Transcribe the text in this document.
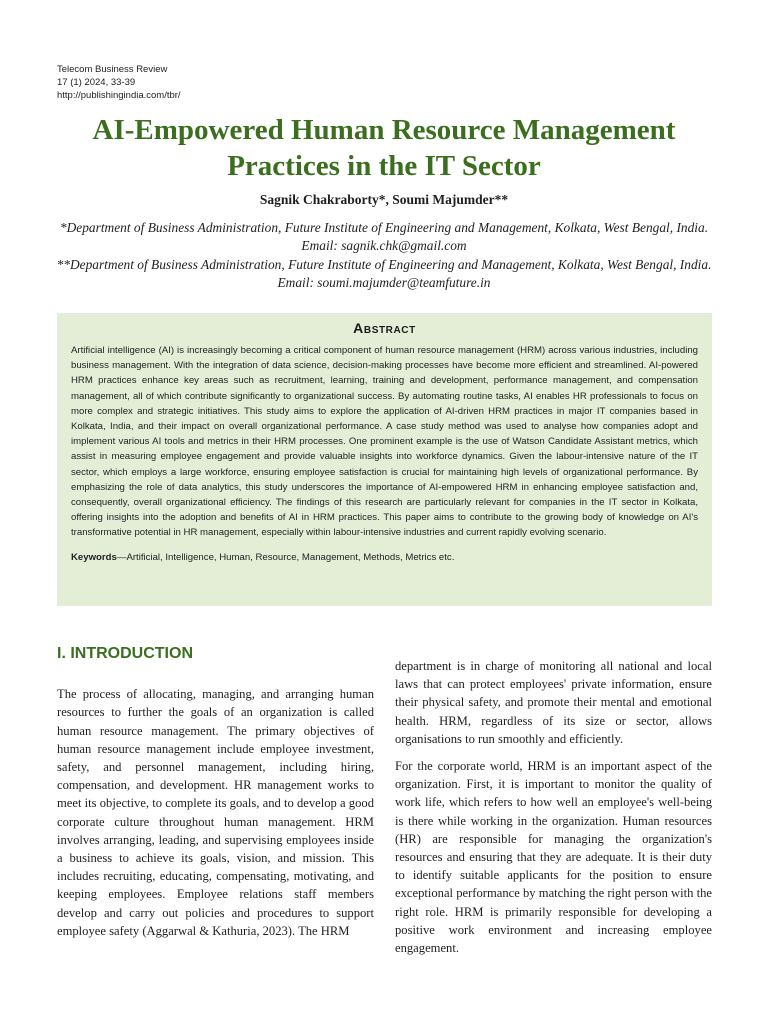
Telecom Business Review
17 (1) 2024, 33-39
http://publishingindia.com/tbr/
AI-Empowered Human Resource Management Practices in the IT Sector
Sagnik Chakraborty*, Soumi Majumder**
*Department of Business Administration, Future Institute of Engineering and Management, Kolkata, West Bengal, India. Email: sagnik.chk@gmail.com
**Department of Business Administration, Future Institute of Engineering and Management, Kolkata, West Bengal, India. Email: soumi.majumder@teamfuture.in
Abstract

Artificial intelligence (AI) is increasingly becoming a critical component of human resource management (HRM) across various industries, including business management. With the integration of data science, decision-making processes have become more efficient and streamlined. AI-powered HRM practices enhance key areas such as recruitment, learning, training and development, performance management, and compensation management, all of which contribute significantly to organizational success. By automating routine tasks, AI enables HR professionals to focus on more complex and strategic initiatives. This study aims to explore the application of AI-driven HRM practices in major IT companies based in Kolkata, India, and their impact on overall organizational performance. A case study method was used to analyse how companies adopt and implement various AI tools and metrics in their HRM processes. One prominent example is the use of Watson Candidate Assistant metrics, which assist in measuring employee engagement and provide valuable insights into workforce dynamics. Given the labour-intensive nature of the IT sector, which employs a large workforce, ensuring employee satisfaction is crucial for maintaining high levels of organizational performance. By emphasizing the role of data analytics, this study underscores the importance of AI-empowered HRM in enhancing employee satisfaction and, consequently, overall organizational efficiency. The findings of this research are particularly relevant for companies in the IT sector in Kolkata, offering insights into the adoption and benefits of AI in HRM practices. This paper aims to contribute to the growing body of knowledge on AI's transformative potential in HR management, especially within labour-intensive industries and current rapidly evolving scenario.

Keywords—Artificial, Intelligence, Human, Resource, Management, Methods, Metrics etc.
I. INTRODUCTION

The process of allocating, managing, and arranging human resources to further the goals of an organization is called human resource management. The primary objectives of human resource management include employee investment, safety, and personnel management, including hiring, compensation, and development. HR management works to meet its objective, to complete its goals, and to develop a good corporate culture throughout human management. HRM involves arranging, leading, and supervising employees inside a business to achieve its goals, vision, and mission. This includes recruiting, educating, compensating, motivating, and keeping employees. Employee relations staff members develop and carry out policies and procedures to support employee safety (Aggarwal & Kathuria, 2023). The HRM

department is in charge of monitoring all national and local laws that can protect employees' private information, ensure their physical safety, and promote their mental and emotional health. HRM, regardless of its size or sector, allows organisations to run smoothly and efficiently.

For the corporate world, HRM is an important aspect of the organization. First, it is important to monitor the quality of work life, which refers to how well an employee's well-being is there while working in the organization. Human resources (HR) are responsible for managing the organization's resources and ensuring that they are adequate. It is their duty to identify suitable applicants for the position to ensure exceptional performance by matching the right person with the right role. HRM is primarily responsible for developing a positive work environment and increasing employee engagement.
